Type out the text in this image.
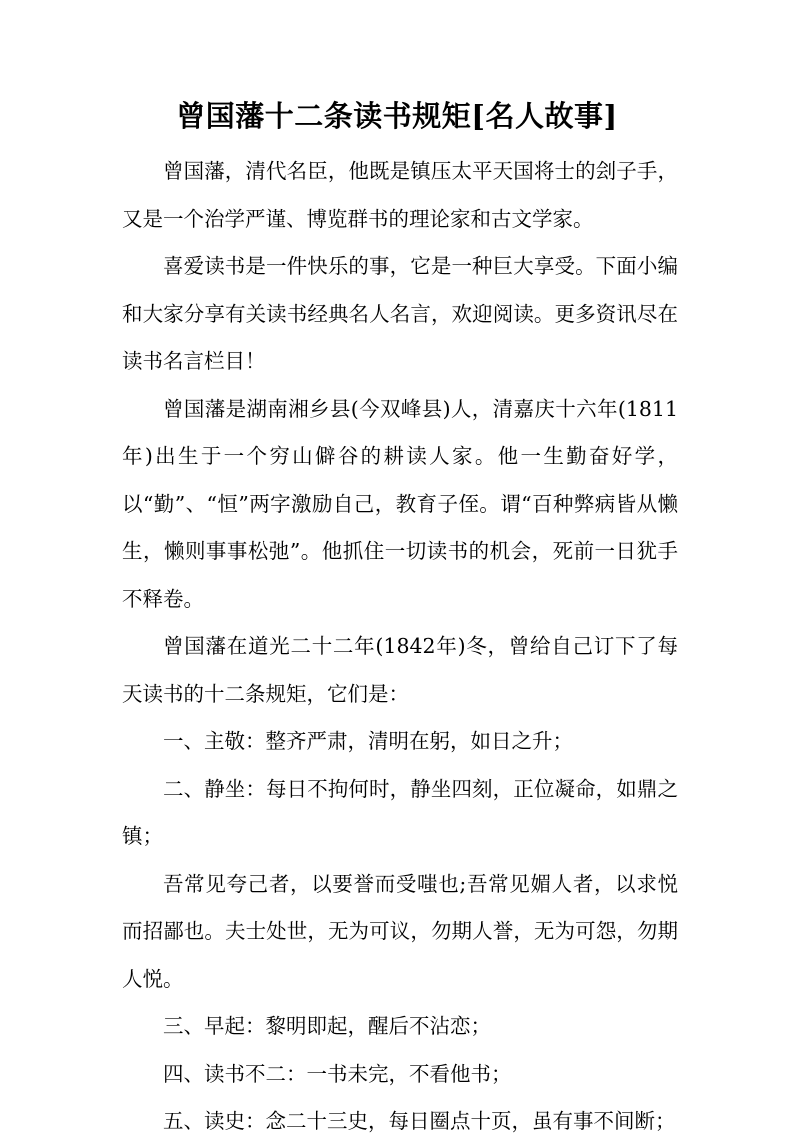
曾国藩十二条读书规矩[名人故事]

曾国藩，清代名臣，他既是镇压太平天国将士的刽子手，又是一个治学严谨、博览群书的理论家和古文学家。

喜爱读书是一件快乐的事，它是一种巨大享受。下面小编和大家分享有关读书经典名人名言，欢迎阅读。更多资讯尽在读书名言栏目！

曾国藩是湖南湘乡县(今双峰县)人，清嘉庆十六年(1811年)出生于一个穷山僻谷的耕读人家。他一生勤奋好学，以“勤”、“恒”两字激励自己，教育子侄。谓“百种弊病皆从懒生，懒则事事松弛”。他抓住一切读书的机会，死前一日犹手不释卷。

曾国藩在道光二十二年(1842年)冬，曾给自己订下了每天读书的十二条规矩，它们是：

一、主敬：整齐严肃，清明在躬，如日之升；

二、静坐：每日不拘何时，静坐四刻，正位凝命，如鼎之镇；

吾常见夸己者，以要誉而受嗤也;吾常见媚人者，以求悦而招鄙也。夫士处世，无为可议，勿期人誉，无为可怨，勿期人悦。

三、早起：黎明即起，醒后不沾恋；

四、读书不二：一书未完，不看他书；

五、读史：念二十三史，每日圈点十页，虽有事不间断；
